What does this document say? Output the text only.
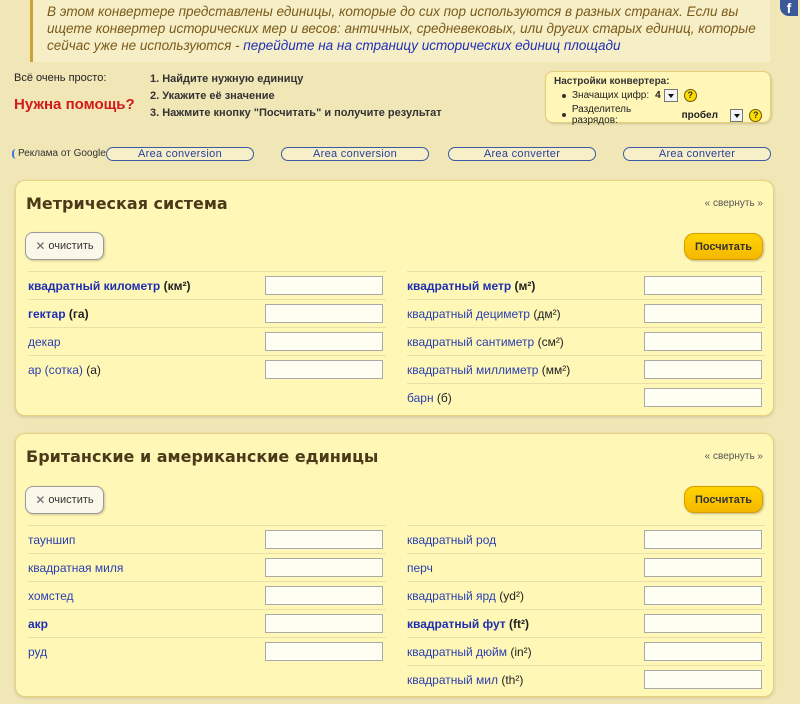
В этом конвертере представлены единицы, которые до сих пор используются в разных странах. Если вы ищете конвертер исторических мер и весов: античных, средневековых, или других старых единиц, которые сейчас уже не используются - перейдите на на страницу исторических единиц площади

f
Всё очень просто:
Нужна помощь?
1. Найдите нужную единицу
2. Укажите её значение
3. Нажмите кнопку "Посчитать" и получите результат
Настройки конвертера:
Значащих цифр: 4	?
Разделитель разрядов:	пробел	?
Реклама от Google	Area conversion	Area conversion	Area converter	Area converter
Метрическая система	« свернуть »
✕ очистить	Посчитать
квадратный километр (км²)
гектар (га)
декар
ар (сотка) (а)
квадратный метр (м²)
квадратный дециметр (дм²)
квадратный сантиметр (см²)
квадратный миллиметр (мм²)
барн (б)
Британские и американские единицы	« свернуть »
✕ очистить	Посчитать
тауншип
квадратная миля
хомстед
акр
руд
квадратный род
перч
квадратный ярд (yd²)
квадратный фут (ft²)
квадратный дюйм (in²)
квадратный мил (th²)
